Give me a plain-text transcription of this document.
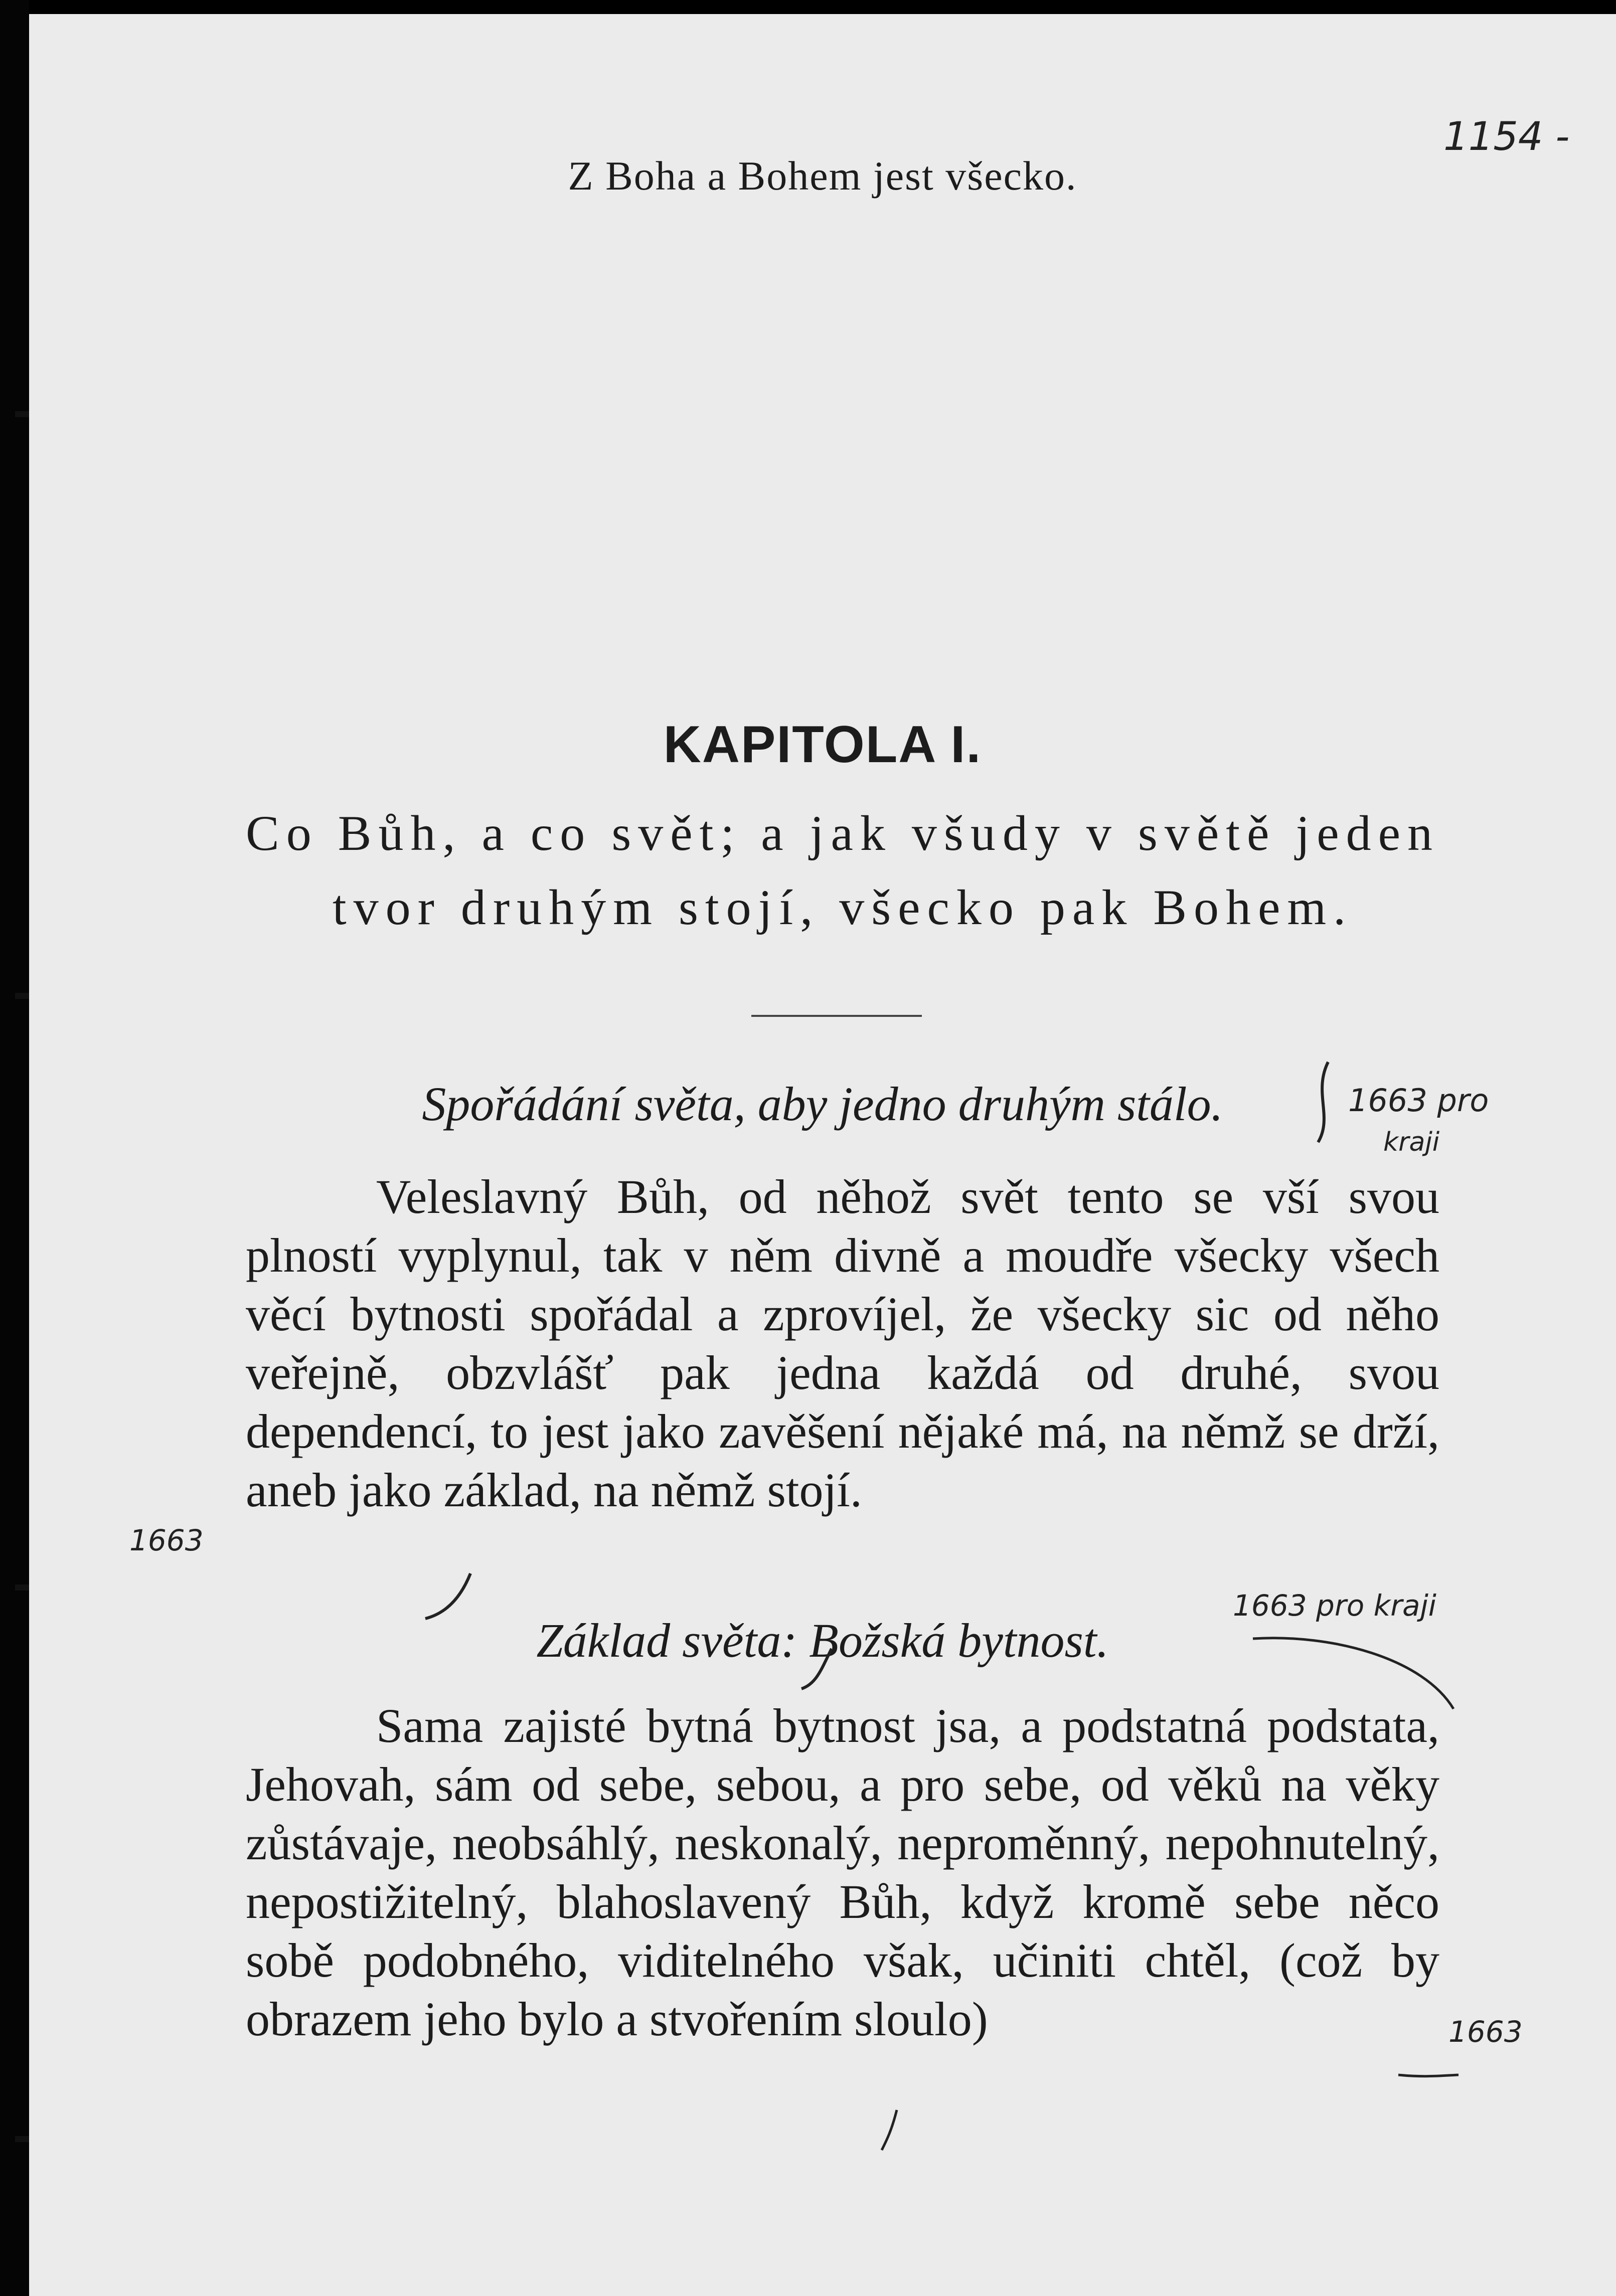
Z Boha a Bohem jest všecko.
KAPITOLA I.
Co Bůh, a co svět; a jak všudy v světě jeden tvor druhým stojí, všecko pak Bohem.
Spořádání světa, aby jedno druhým stálo.
Veleslavný Bůh, od něhož svět tento se vší svou plností vyplynul, tak v něm divně a moudře všecky všech věcí bytnosti spořádal a zprovíjel, že všecky sic od něho veřejně, obzvlášť pak jedna každá od druhé, svou dependencí, to jest jako zavěšení nějaké má, na němž se drží, aneb jako základ, na němž stojí.
Základ světa: Božská bytnost.
Sama zajisté bytná bytnost jsa, a podstatná podstata, Jehovah, sám od sebe, sebou, a pro sebe, od věků na věky zůstávaje, neobsáhlý, neskonalý, neproměnný, nepohnutelný, nepostižitelný, blahoslavený Bůh, když kromě sebe něco sobě podobného, viditelného však, učiniti chtěl, (což by obrazem jeho bylo a stvořením sloulo)
1154 -
1663 pro
kraji
1663
1663 pro kraji
1663
